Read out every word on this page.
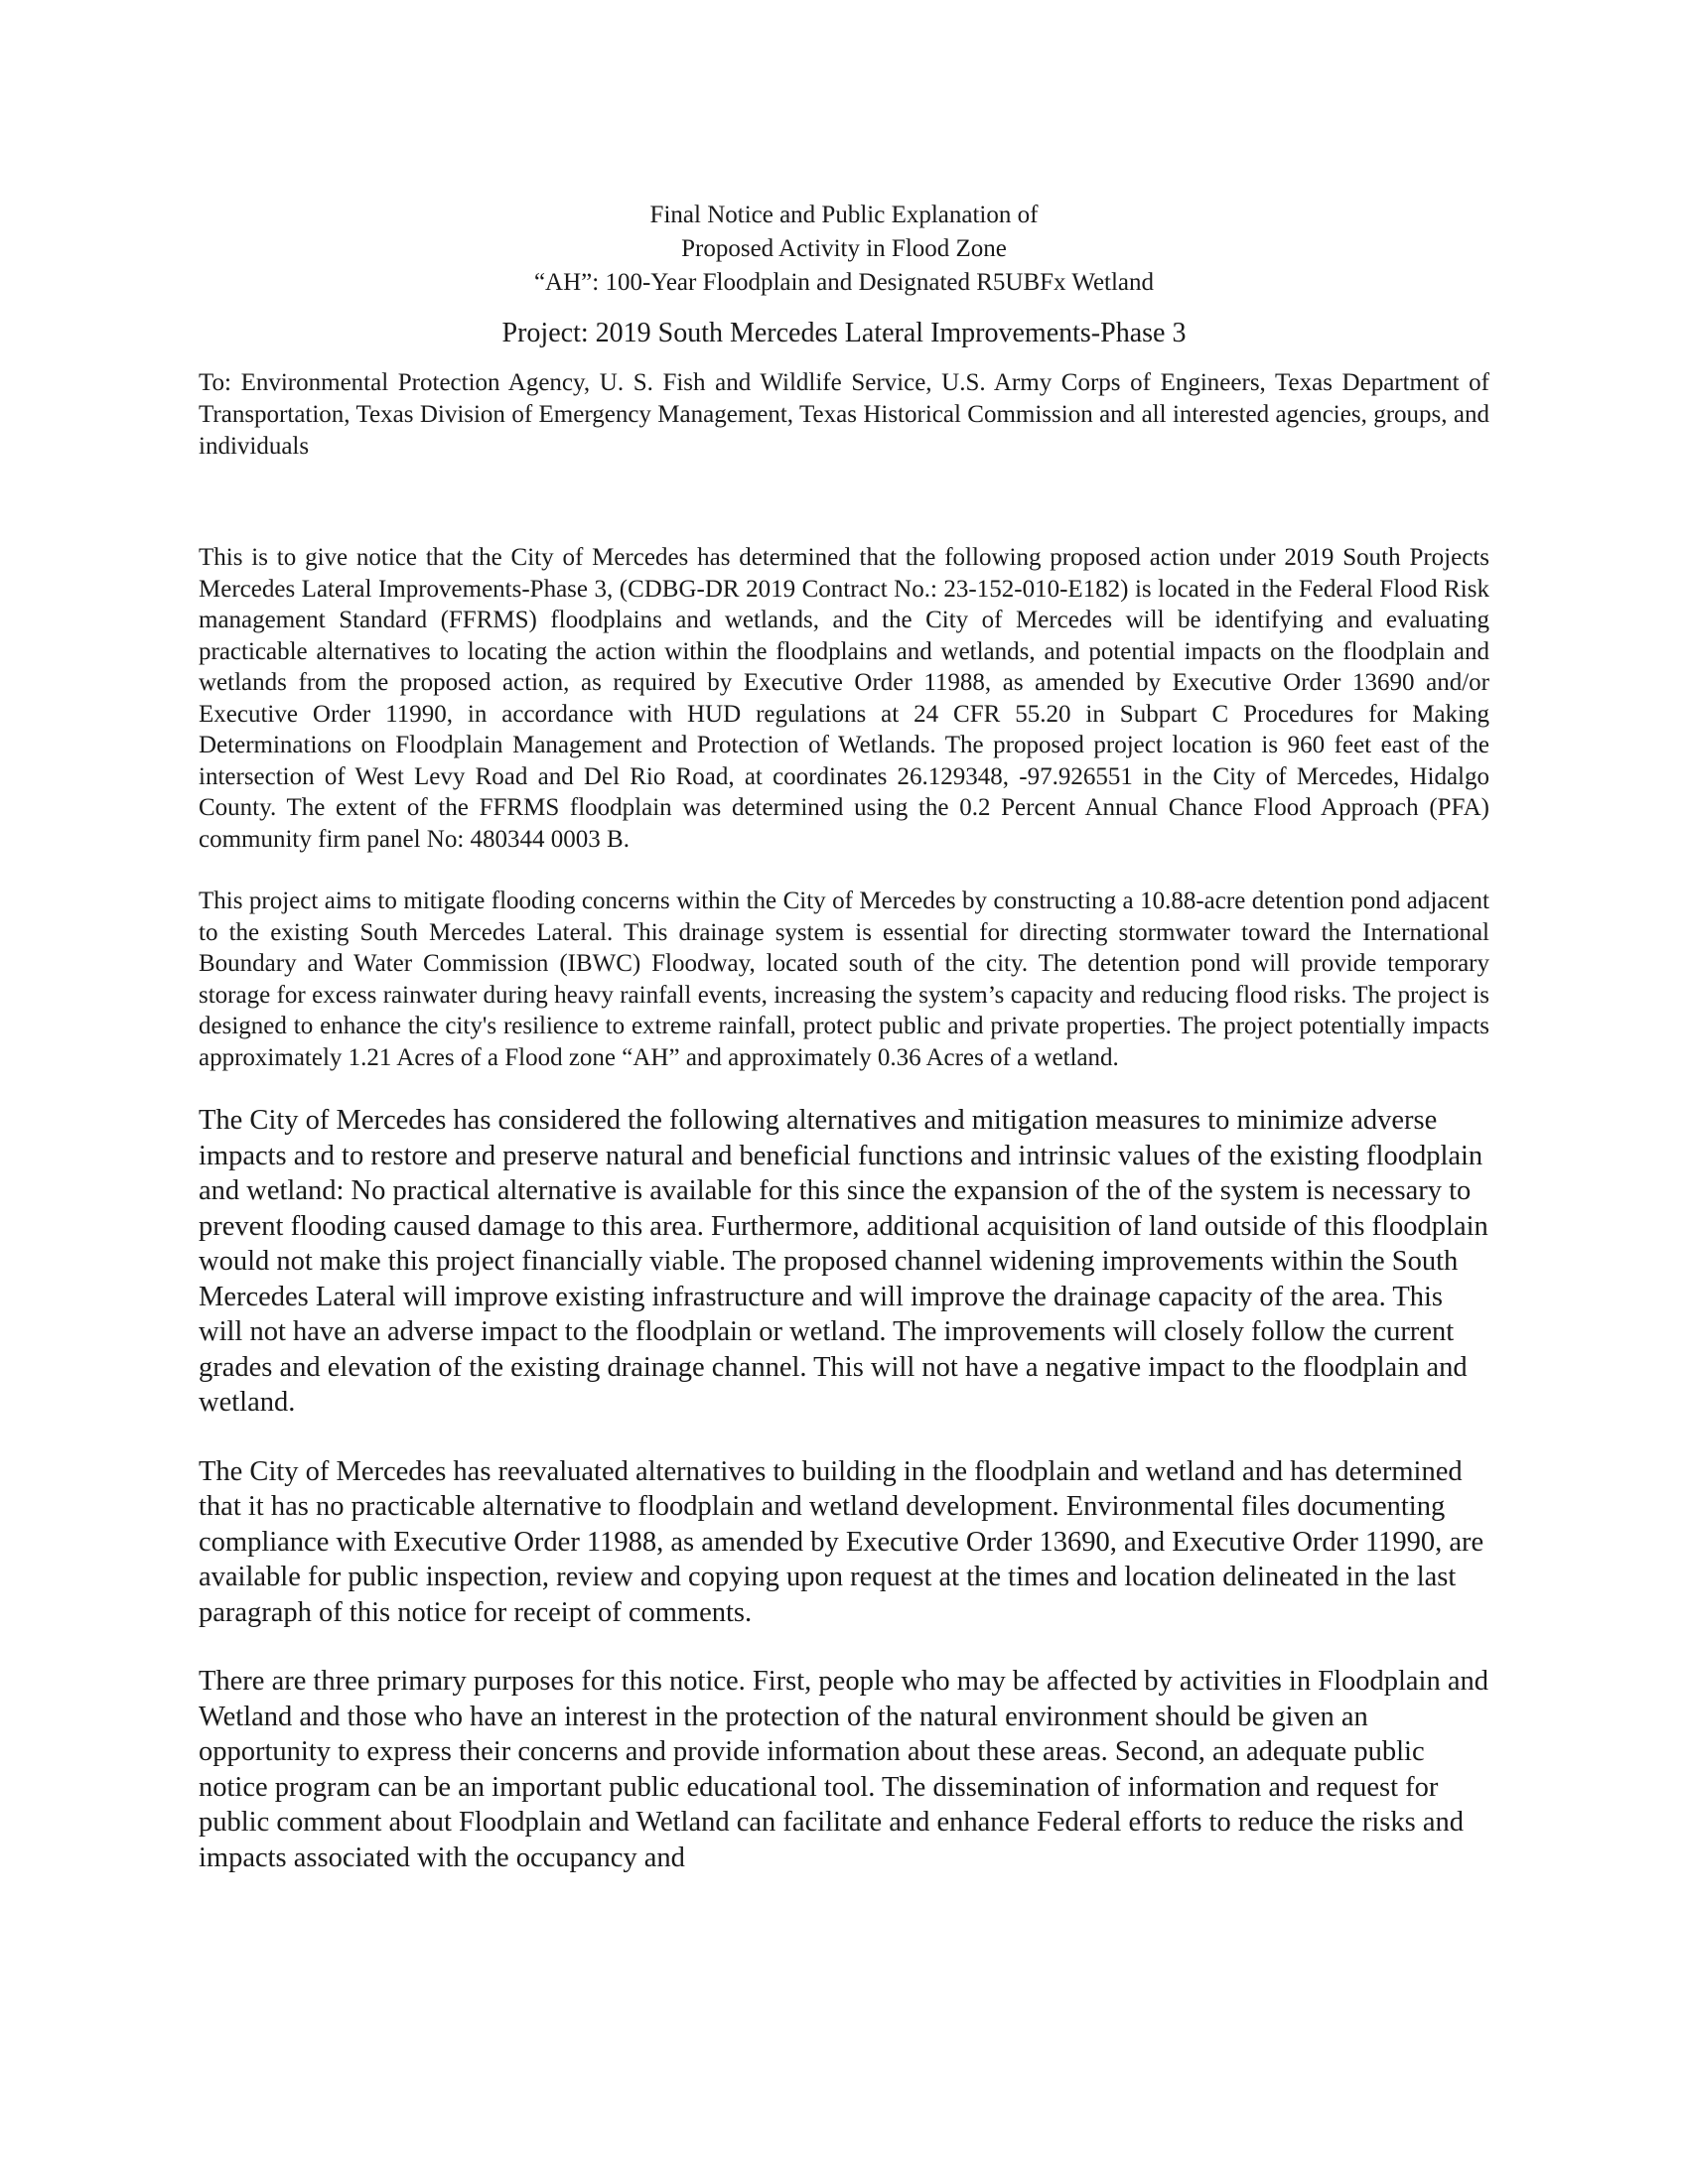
Final Notice and Public Explanation of
Proposed Activity in Flood Zone
“AH”: 100-Year Floodplain and Designated R5UBFx Wetland
Project: 2019 South Mercedes Lateral Improvements-Phase 3

To: Environmental Protection Agency, U. S. Fish and Wildlife Service, U.S. Army Corps of Engineers, Texas Department of Transportation, Texas Division of Emergency Management, Texas Historical Commission and all interested agencies, groups, and individuals

This is to give notice that the City of Mercedes has determined that the following proposed action under 2019 South Projects Mercedes Lateral Improvements-Phase 3, (CDBG-DR 2019 Contract No.: 23-152-010-E182) is located in the Federal Flood Risk management Standard (FFRMS) floodplains and wetlands, and the City of Mercedes will be identifying and evaluating practicable alternatives to locating the action within the floodplains and wetlands, and potential impacts on the floodplain and wetlands from the proposed action, as required by Executive Order 11988, as amended by Executive Order 13690 and/or Executive Order 11990, in accordance with HUD regulations at 24 CFR 55.20 in Subpart C Procedures for Making Determinations on Floodplain Management and Protection of Wetlands. The proposed project location is 960 feet east of the intersection of West Levy Road and Del Rio Road, at coordinates 26.129348, -97.926551 in the City of Mercedes, Hidalgo County. The extent of the FFRMS floodplain was determined using the 0.2 Percent Annual Chance Flood Approach (PFA) community firm panel No: 480344 0003 B.

This project aims to mitigate flooding concerns within the City of Mercedes by constructing a 10.88-acre detention pond adjacent to the existing South Mercedes Lateral. This drainage system is essential for directing stormwater toward the International Boundary and Water Commission (IBWC) Floodway, located south of the city. The detention pond will provide temporary storage for excess rainwater during heavy rainfall events, increasing the system’s capacity and reducing flood risks. The project is designed to enhance the city's resilience to extreme rainfall, protect public and private properties. The project potentially impacts approximately 1.21 Acres of a Flood zone “AH” and approximately 0.36 Acres of a wetland.

The City of Mercedes has considered the following alternatives and mitigation measures to minimize adverse impacts and to restore and preserve natural and beneficial functions and intrinsic values of the existing floodplain and wetland: No practical alternative is available for this since the expansion of the of the system is necessary to prevent flooding caused damage to this area. Furthermore, additional acquisition of land outside of this floodplain would not make this project financially viable. The proposed channel widening improvements within the South Mercedes Lateral will improve existing infrastructure and will improve the drainage capacity of the area. This will not have an adverse impact to the floodplain or wetland. The improvements will closely follow the current grades and elevation of the existing drainage channel. This will not have a negative impact to the floodplain and wetland.

The City of Mercedes has reevaluated alternatives to building in the floodplain and wetland and has determined that it has no practicable alternative to floodplain and wetland development. Environmental files documenting compliance with Executive Order 11988, as amended by Executive Order 13690, and Executive Order 11990, are available for public inspection, review and copying upon request at the times and location delineated in the last paragraph of this notice for receipt of comments.

There are three primary purposes for this notice. First, people who may be affected by activities in Floodplain and Wetland and those who have an interest in the protection of the natural environment should be given an opportunity to express their concerns and provide information about these areas. Second, an adequate public notice program can be an important public educational tool. The dissemination of information and request for public comment about Floodplain and Wetland can facilitate and enhance Federal efforts to reduce the risks and impacts associated with the occupancy and
